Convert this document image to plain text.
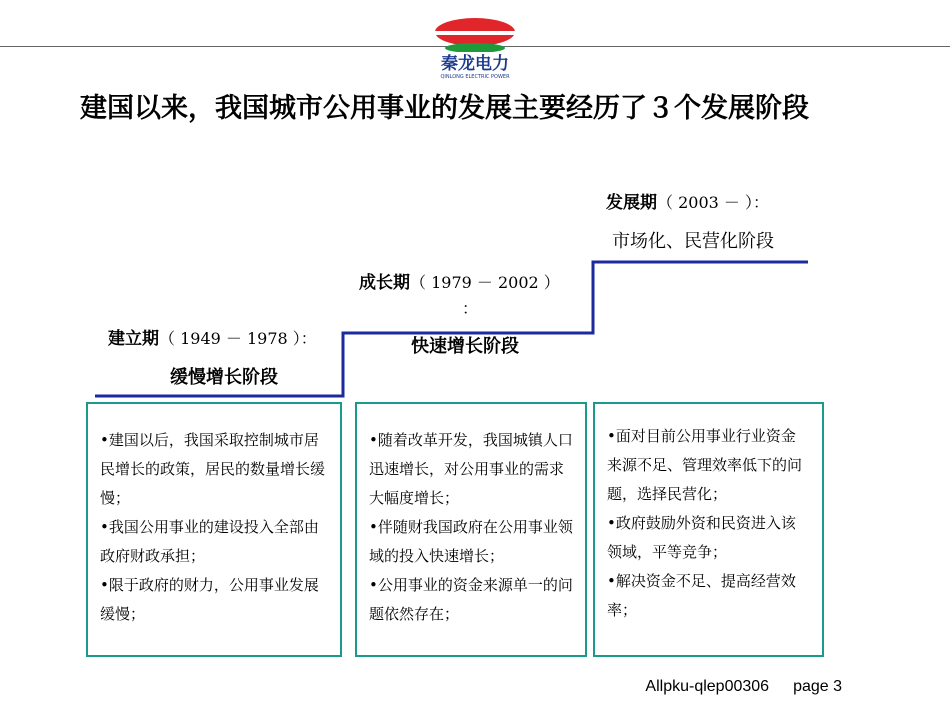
秦龙电力
QINLONG ELECTRIC POWER
建国以来，我国城市公用事业的发展主要经历了３个发展阶段
建立期（ 1949 － 1978 ）：
缓慢增长阶段
成长期（ 1979 － 2002 ）
：
快速增长阶段
发展期（ 2003 － ）：
市场化、民营化阶段

•建国以后，我国采取控制城市居民增长的政策，居民的数量增长缓慢；

•我国公用事业的建设投入全部由政府财政承担；

•限于政府的财力，公用事业发展缓慢；

•随着改革开发，我国城镇人口迅速增长，对公用事业的需求大幅度增长；

•伴随财我国政府在公用事业领域的投入快速增长；

•公用事业的资金来源单一的问题依然存在；

•面对目前公用事业行业资金来源不足、管理效率低下的问题，选择民营化；

•政府鼓励外资和民资进入该领域，平等竞争；

•解决资金不足、提高经营效率；

Allpku-qlep00306 page 3
